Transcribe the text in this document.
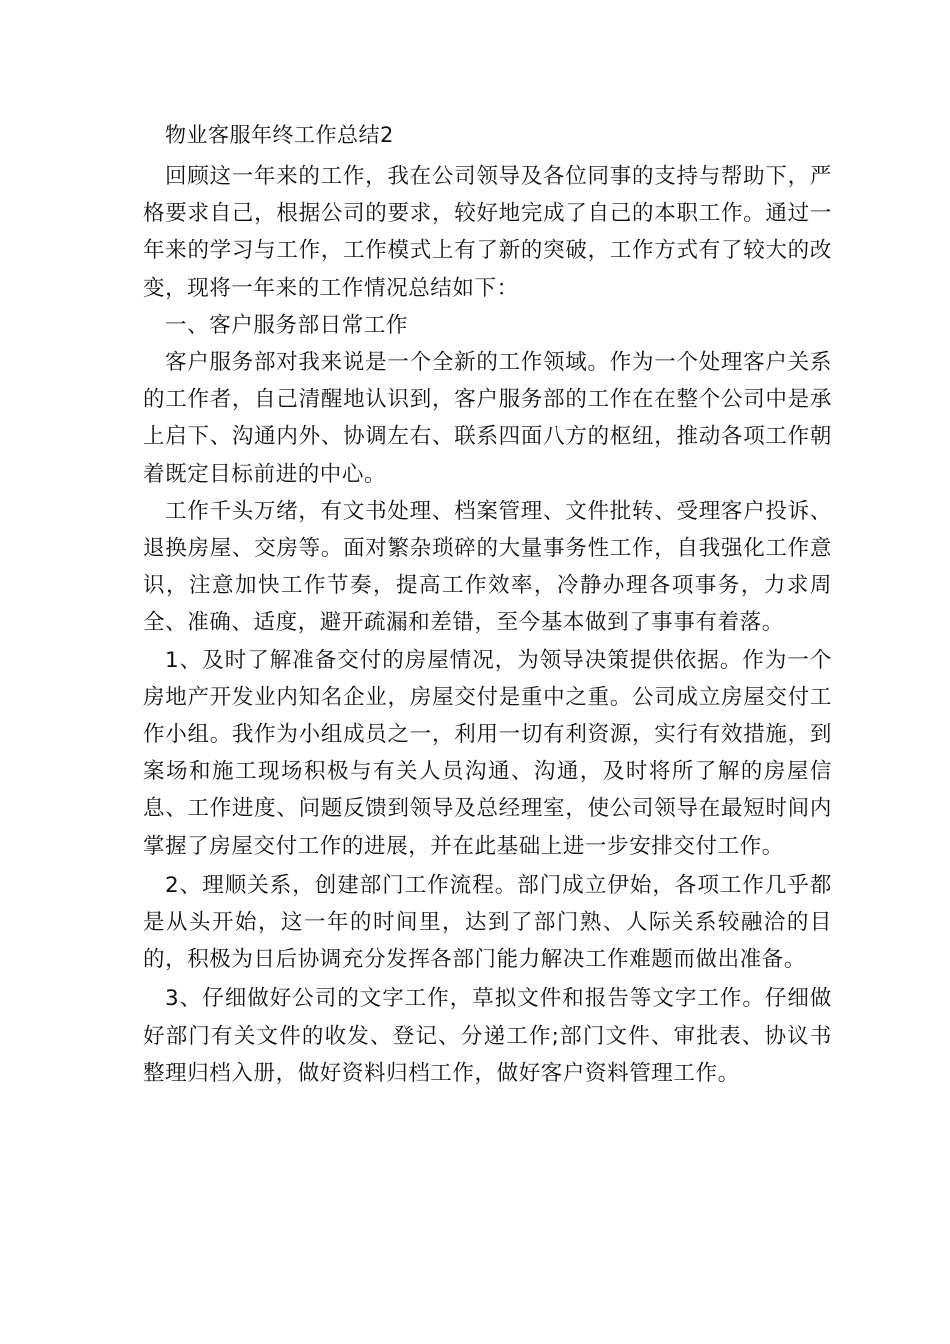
物业客服年终工作总结2

回顾这一年来的工作，我在公司领导及各位同事的支持与帮助下，严格要求自己，根据公司的要求，较好地完成了自己的本职工作。通过一年来的学习与工作，工作模式上有了新的突破，工作方式有了较大的改变，现将一年来的工作情况总结如下：

一、客户服务部日常工作

客户服务部对我来说是一个全新的工作领域。作为一个处理客户关系的工作者，自己清醒地认识到，客户服务部的工作在在整个公司中是承上启下、沟通内外、协调左右、联系四面八方的枢纽，推动各项工作朝着既定目标前进的中心。

工作千头万绪，有文书处理、档案管理、文件批转、受理客户投诉、退换房屋、交房等。面对繁杂琐碎的大量事务性工作，自我强化工作意识，注意加快工作节奏，提高工作效率，冷静办理各项事务，力求周全、准确、适度，避开疏漏和差错，至今基本做到了事事有着落。

1、及时了解准备交付的房屋情况，为领导决策提供依据。作为一个房地产开发业内知名企业，房屋交付是重中之重。公司成立房屋交付工作小组。我作为小组成员之一，利用一切有利资源，实行有效措施，到案场和施工现场积极与有关人员沟通、沟通，及时将所了解的房屋信息、工作进度、问题反馈到领导及总经理室，使公司领导在最短时间内掌握了房屋交付工作的进展，并在此基础上进一步安排交付工作。

2、理顺关系，创建部门工作流程。部门成立伊始，各项工作几乎都是从头开始，这一年的时间里，达到了部门熟、人际关系较融洽的目的，积极为日后协调充分发挥各部门能力解决工作难题而做出准备。

3、仔细做好公司的文字工作，草拟文件和报告等文字工作。仔细做好部门有关文件的收发、登记、分递工作;部门文件、审批表、协议书整理归档入册，做好资料归档工作，做好客户资料管理工作。
